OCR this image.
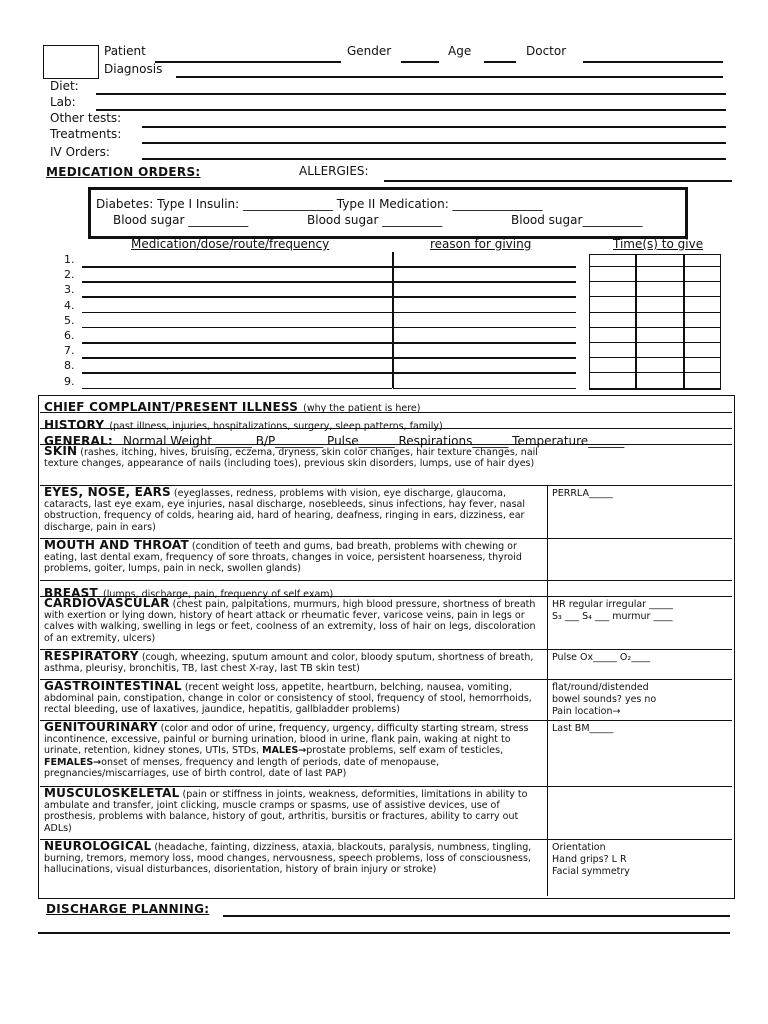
Patient	Gender	Age	Doctor
Diagnosis
Diet:
Lab:
Other tests:
Treatments:
IV Orders:
MEDICATION ORDERS:	ALLERGIES:
Diabetes: Type I Insulin: _______________ Type II Medication: _______________
Blood sugar __________	Blood sugar __________	Blood sugar__________
Medication/dose/route/frequency	reason for giving	Time(s) to give
1.
2.
3.
4.
5.
6.
7.
8.
9.
CHIEF COMPLAINT/PRESENT ILLNESS (why the patient is here)
HISTORY (past illness, injuries, hospitalizations, surgery, sleep patterns, family)
GENERAL: Normal Weight ______ B/P________ Pulse______ Respirations______ Temperature______
SKIN (rashes, itching, hives, bruising, eczema, dryness, skin color changes, hair texture changes, nail texture changes, appearance of nails (including toes), previous skin disorders, lumps, use of hair dyes)
EYES, NOSE, EARS (eyeglasses, redness, problems with vision, eye discharge, glaucoma, cataracts, last eye exam, eye injuries, nasal discharge, nosebleeds, sinus infections, hay fever, nasal obstruction, frequency of colds, hearing aid, hard of hearing, deafness, ringing in ears, dizziness, ear discharge, pain in ears)
PERRLA_____
MOUTH AND THROAT (condition of teeth and gums, bad breath, problems with chewing or eating, last dental exam, frequency of sore throats, changes in voice, persistent hoarseness, thyroid problems, goiter, lumps, pain in neck, swollen glands)
BREAST (lumps, discharge, pain, frequency of self exam)
CARDIOVASCULAR (chest pain, palpitations, murmurs, high blood pressure, shortness of breath with exertion or lying down, history of heart attack or rheumatic fever, varicose veins, pain in legs or calves with walking, swelling in legs or feet, coolness of an extremity, loss of hair on legs, discoloration of an extremity, ulcers)
HR regular irregular _____
S₃ ___ S₄ ___ murmur ____
RESPIRATORY (cough, wheezing, sputum amount and color, bloody sputum, shortness of breath, asthma, pleurisy, bronchitis, TB, last chest X-ray, last TB skin test)
Pulse Ox_____ O₂____
GASTROINTESTINAL (recent weight loss, appetite, heartburn, belching, nausea, vomiting, abdominal pain, constipation, change in color or consistency of stool, frequency of stool, hemorrhoids, rectal bleeding, use of laxatives, jaundice, hepatitis, gallbladder problems)
flat/round/distended
bowel sounds? yes no
Pain location→
GENITOURINARY (color and odor of urine, frequency, urgency, difficulty starting stream, stress incontinence, excessive, painful or burning urination, blood in urine, flank pain, waking at night to urinate, retention, kidney stones, UTIs, STDs, MALES→prostate problems, self exam of testicles, FEMALES→onset of menses, frequency and length of periods, date of menopause, pregnancies/miscarriages, use of birth control, date of last PAP)
Last BM_____
MUSCULOSKELETAL (pain or stiffness in joints, weakness, deformities, limitations in ability to ambulate and transfer, joint clicking, muscle cramps or spasms, use of assistive devices, use of prosthesis, problems with balance, history of gout, arthritis, bursitis or fractures, ability to carry out ADLs)
NEUROLOGICAL (headache, fainting, dizziness, ataxia, blackouts, paralysis, numbness, tingling, burning, tremors, memory loss, mood changes, nervousness, speech problems, loss of consciousness, hallucinations, visual disturbances, disorientation, history of brain injury or stroke)
Orientation
Hand grips? L R
Facial symmetry
DISCHARGE PLANNING:
